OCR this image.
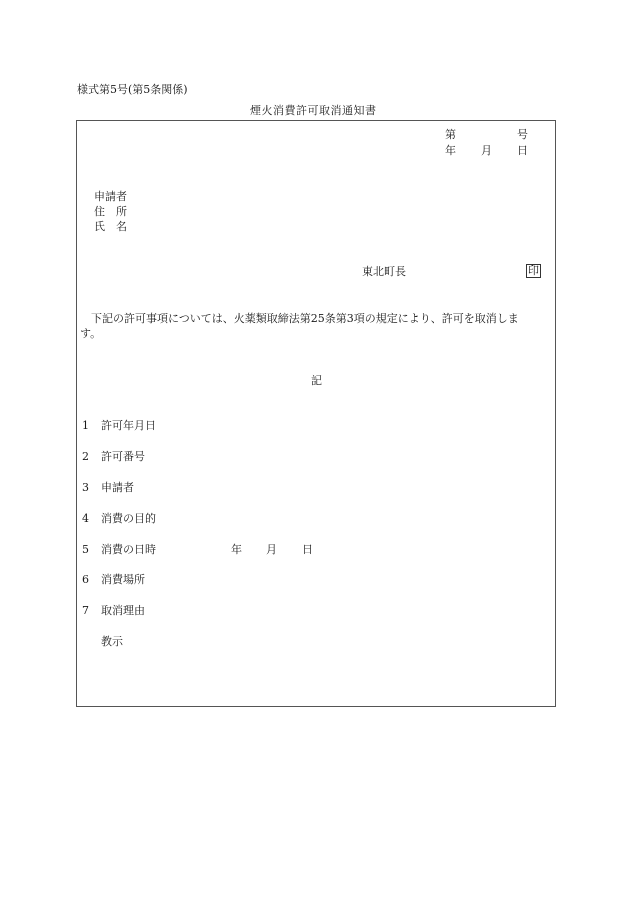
様式第5号(第5条関係)
煙火消費許可取消通知書
第	号
年 月 日
申請者
住　所
氏　名
東北町長	印
　下記の許可事項については、火薬類取締法第25条第3項の規定により、許可を取消しま
す。
記
1 許可年月日
2 許可番号
3 申請者
4 消費の目的
5 消費の日時	年 月 日
6 消費場所
7 取消理由
教示
